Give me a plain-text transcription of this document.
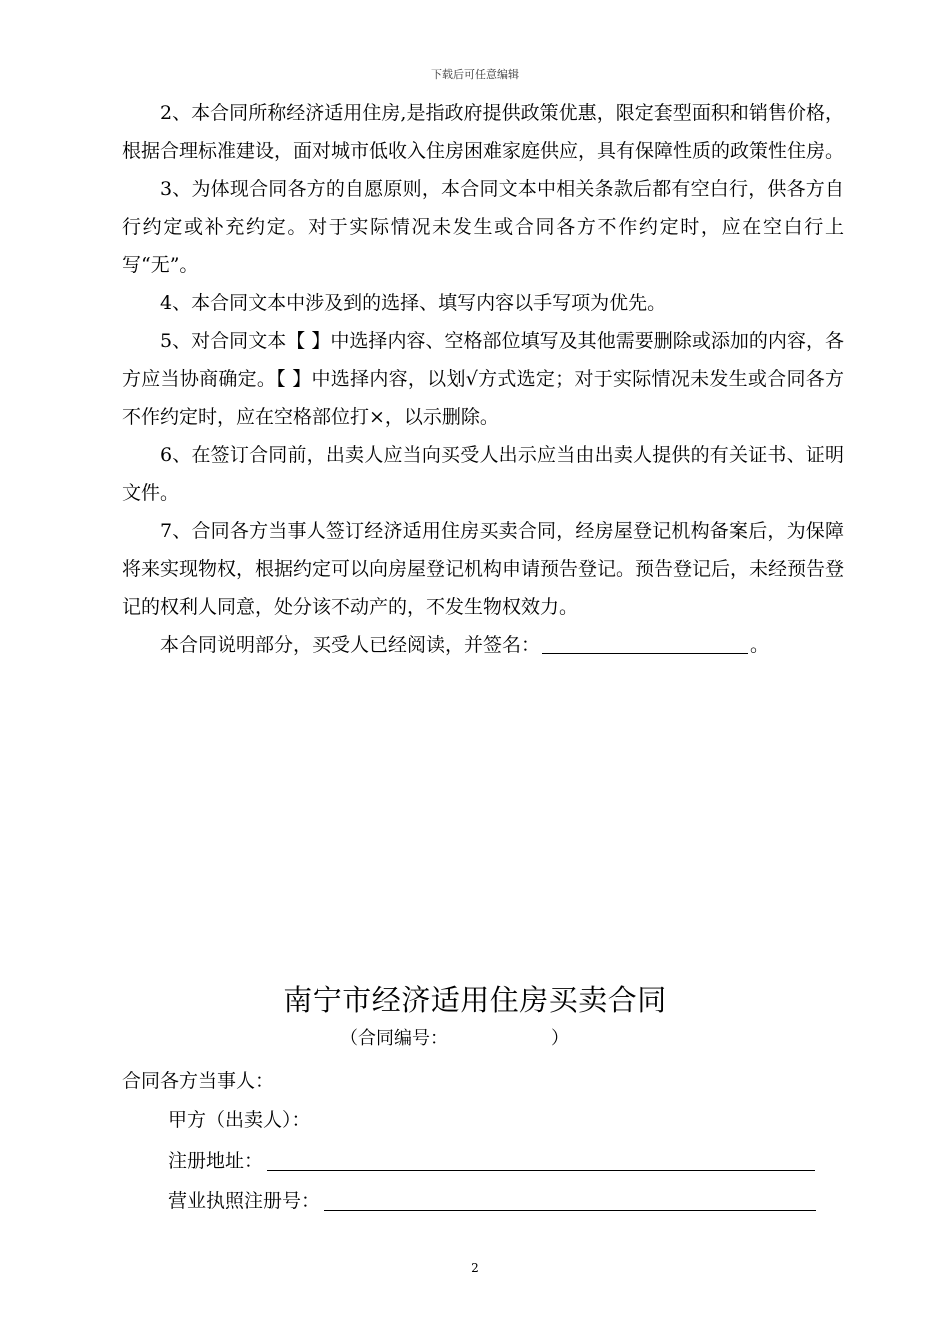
下载后可任意编辑

2、本合同所称经济适用住房,是指政府提供政策优惠，限定套型面积和销售价格，根据合理标准建设，面对城市低收入住房困难家庭供应，具有保障性质的政策性住房。

3、为体现合同各方的自愿原则，本合同文本中相关条款后都有空白行，供各方自行约定或补充约定。对于实际情况未发生或合同各方不作约定时，应在空白行上写“无”。

4、本合同文本中涉及到的选择、填写内容以手写项为优先。

5、对合同文本【 】中选择内容、空格部位填写及其他需要删除或添加的内容，各方应当协商确定。【 】中选择内容，以划√方式选定；对于实际情况未发生或合同各方不作约定时，应在空格部位打×，以示删除。

6、在签订合同前，出卖人应当向买受人出示应当由出卖人提供的有关证书、证明文件。

7、合同各方当事人签订经济适用住房买卖合同，经房屋登记机构备案后，为保障将来实现物权，根据约定可以向房屋登记机构申请预告登记。预告登记后，未经预告登记的权利人同意，处分该不动产的，不发生物权效力。

本合同说明部分，买受人已经阅读，并签名：	。

南宁市经济适用住房买卖合同
（合同编号：                  ）
合同各方当事人：
甲方（出卖人）：
注册地址：
营业执照注册号：
2
